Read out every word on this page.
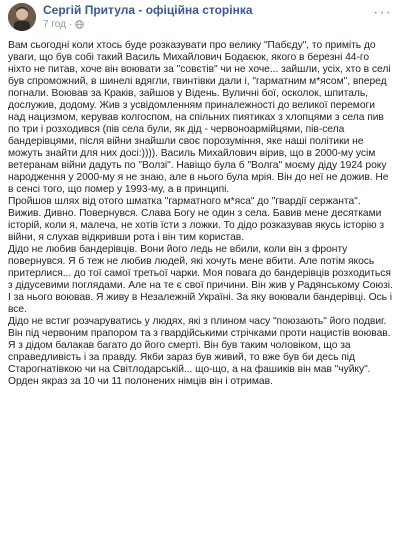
Сергій Притула - офіційна сторінка
7 год ·
···

Вам сьогодні коли хтось буде розказувати про велику "Пабєду", то приміть до уваги, що був собі такий Василь Михайлович Бодаєюк, якого в березні 44-го ніхто не питав, хоче він воювати за "совєтів" чи не хоче... зайшли, усіх, хто в селі був спроможний, в шинелі вдягли, гвинтівки дали і, "гарматним м*ясом", вперед погнали. Воював за Краків, зайшов у Відень. Вуличні бої, осколок, шпиталь, дослужив, додому. Жив з усвідомленням приналежності до великої перемоги над нацизмом, керував колгоспом, на спільних пиятиках з хлопцями з села пив по три і розходився (пів села були, як дід - червоноармійцями, пів-села бандерівцями, після війни знайшли своє порозуміння, яке наші політики не можуть знайти для них досі:)))). Василь Михайлович вірив, що в 2000-му усім ветеранам війни дадуть по "Волзі". Навіщо була б "Волга" моєму діду 1924 року народження у 2000-му я не знаю, але в нього була мрія. Він до неї не дожив. Не в сенсі того, що помер у 1993-му, а в принципі.

Пройшов шлях від отого шматка "гарматного м*яса" до "гвардії сержанта". Вижив. Дивно. Повернувся. Слава Богу не один з села. Бавив мене десятками історій, коли я, малеча, не хотів їсти з ложки. То дідо розказував якусь історію з війни, я слухав відкривши рота і він тим користав.

Дідо не любив бандерівців. Вони його ледь не вбили, коли він з фронту повернувся. Я б теж не любив людей, які хочуть мене вбити. Але потім якось притерлися... до тої самої третьої чарки. Моя повага до бандерівців розходиться з дідусевими поглядами. Але на те є свої причини. Він жив у Радянському Союзі. І за нього воював. Я живу в Незалежній Україні. За яку воювали бандерівці. Ось і все.

Дідо не встиг розчаруватись у людях, які з плином часу "поюзають" його подвиг. Він під червоним прапором та з гвардійськими стрічками проти нацистів воював. Я з дідом балакав багато до його смерті. Він був таким чоловіком, що за справедливість і за правду. Якби зараз був живий, то вже був би десь під Старогнатівкою чи на Світлодарській... що-що, а на фашиків він мав "чуйку". Орден якраз за 10 чи 11 полонених німців він і отримав.
